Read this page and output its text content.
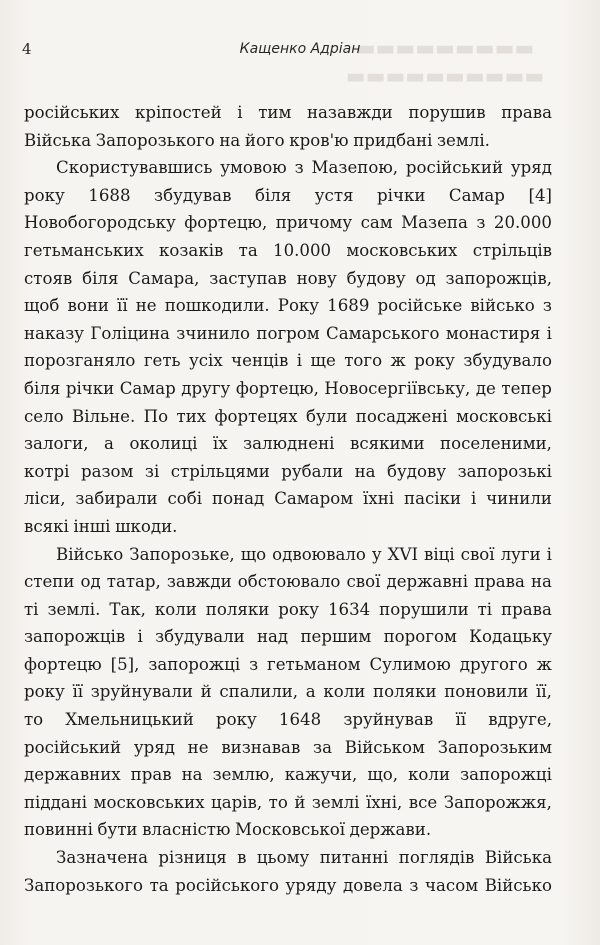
▬▬▬▬▬▬▬▬▬
▬▬▬▬▬▬▬▬▬▬
4	Кащенко Адріан
російських кріпостей і тим назавжди порушив права
Війська Запорозького на його кров'ю придбані землі.
Скористувавшись умовою з Мазепою, російський уряд
року 1688 збудував біля устя річки Самар [4]
Новобогородську фортецю, причому сам Мазепа з 20.000
гетьманських козаків та 10.000 московських стрільців
стояв біля Самара, заступав нову будову од запорожців,
щоб вони її не пошкодили. Року 1689 російське військо з
наказу Голіцина зчинило погром Самарського монастиря і
порозганяло геть усіх ченців і ще того ж року збудувало
біля річки Самар другу фортецю, Новосергіївську, де тепер
село Вільне. По тих фортецях були посаджені московські
залоги, а околиці їх залюднені всякими поселеними,
котрі разом зі стрільцями рубали на будову запорозькі
ліси, забирали собі понад Самаром їхні пасіки і чинили
всякі інші шкоди.
Військо Запорозьке, що одвоювало у XVI віці свої луги і
степи од татар, завжди обстоювало свої державні права на
ті землі. Так, коли поляки року 1634 порушили ті права
запорожців і збудували над першим порогом Кодацьку
фортецю [5], запорожці з гетьманом Сулимою другого ж
року її зруйнували й спалили, а коли поляки поновили її,
то Хмельницький року 1648 зруйнував її вдруге,
російський уряд не визнавав за Військом Запорозьким
державних прав на землю, кажучи, що, коли запорожці
піддані московських царів, то й землі їхні, все Запорожжя,
повинні бути власністю Московської держави.
Зазначена різниця в цьому питанні поглядів Війська
Запорозького та російського уряду довела з часом Військо
